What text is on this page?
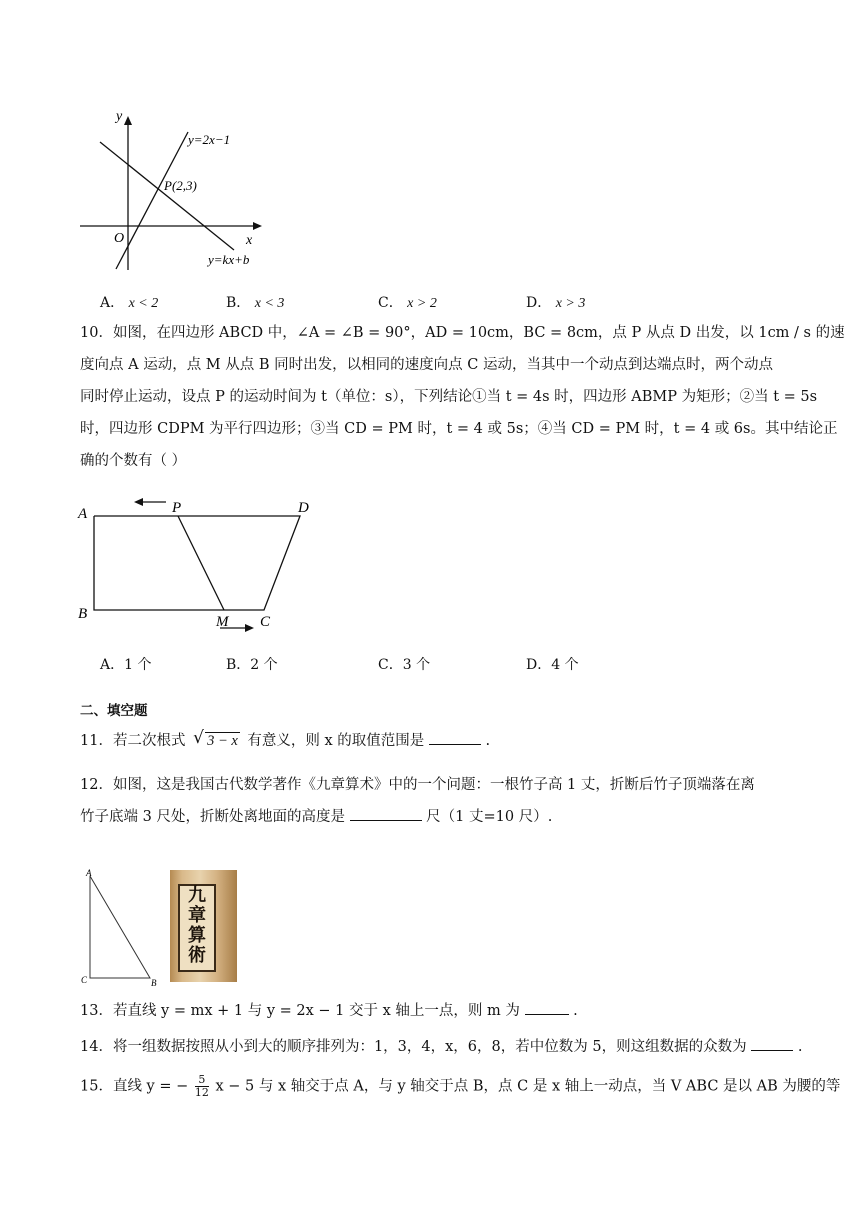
y
x
O
y=2x−1
P(2,3)
y=kx+b
A． x < 2	B． x < 3	C． x > 2	D． x > 3
10．如图，在四边形 ABCD 中，∠A = ∠B = 90°，AD = 10cm，BC = 8cm，点 P 从点 D 出发，以 1cm / s 的速
度向点 A 运动，点 M 从点 B 同时出发，以相同的速度向点 C 运动，当其中一个动点到达端点时，两个动点
同时停止运动，设点 P 的运动时间为 t（单位：s），下列结论①当 t = 4s 时，四边形 ABMP 为矩形；②当 t = 5s
时，四边形 CDPM 为平行四边形；③当 CD = PM 时，t = 4 或 5s；④当 CD = PM 时，t = 4 或 6s。其中结论正
确的个数有（ ）
A
B	C
D
P
M
A．1 个	B．2 个	C．3 个	D．4 个
二、填空题
11．若二次根式 √ 3 − x 有意义，则 x 的取值范围是	.
12．如图，这是我国古代数学著作《九章算术》中的一个问题：一根竹子高 1 丈，折断后竹子顶端落在离
竹子底端 3 尺处，折断处离地面的高度是	尺（1 丈=10 尺）.
A
C	B
九
章
算
術
13．若直线 y = mx + 1 与 y = 2x − 1 交于 x 轴上一点，则 m 为	.
14．将一组数据按照从小到大的顺序排列为：1，3，4，x，6，8，若中位数为 5，则这组数据的众数为	.
15．直线 y = − $\frac{5}{12}$ x − 5 与 x 轴交于点 A，与 y 轴交于点 B，点 C 是 x 轴上一动点，当 V ABC 是以 AB 为腰的等
